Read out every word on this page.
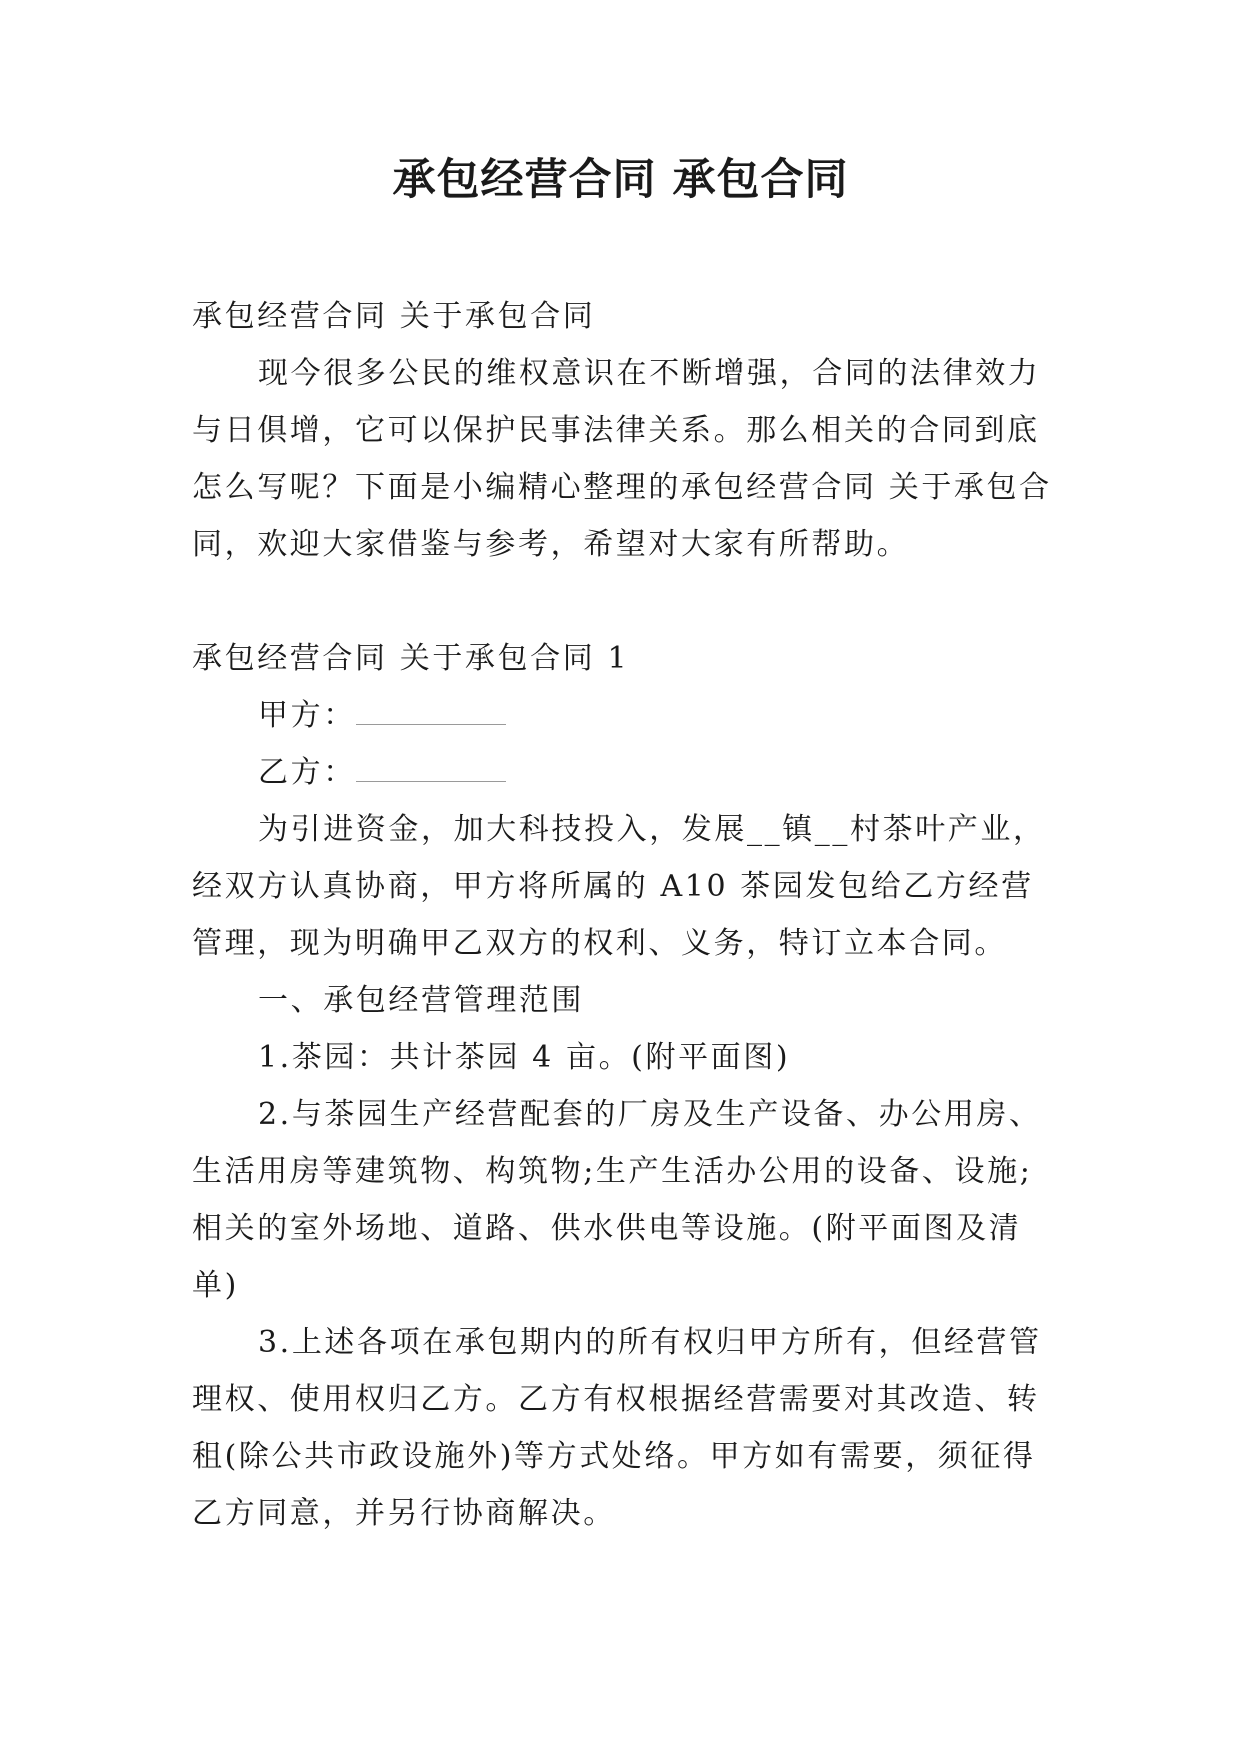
承包经营合同 承包合同

承包经营合同 关于承包合同

现今很多公民的维权意识在不断增强，合同的法律效力与日俱增，它可以保护民事法律关系。那么相关的合同到底怎么写呢？下面是小编精心整理的承包经营合同 关于承包合同，欢迎大家借鉴与参考，希望对大家有所帮助。

承包经营合同 关于承包合同 1

甲方：

乙方：

为引进资金，加大科技投入，发展__镇__村茶叶产业，经双方认真协商，甲方将所属的 A10 茶园发包给乙方经营管理，现为明确甲乙双方的权利、义务，特订立本合同。

一、承包经营管理范围

1.茶园：共计茶园 4 亩。(附平面图)

2.与茶园生产经营配套的厂房及生产设备、办公用房、生活用房等建筑物、构筑物;生产生活办公用的设备、设施;相关的室外场地、道路、供水供电等设施。(附平面图及清单)

3.上述各项在承包期内的所有权归甲方所有，但经营管理权、使用权归乙方。乙方有权根据经营需要对其改造、转租(除公共市政设施外)等方式处络。甲方如有需要，须征得乙方同意，并另行协商解决。
